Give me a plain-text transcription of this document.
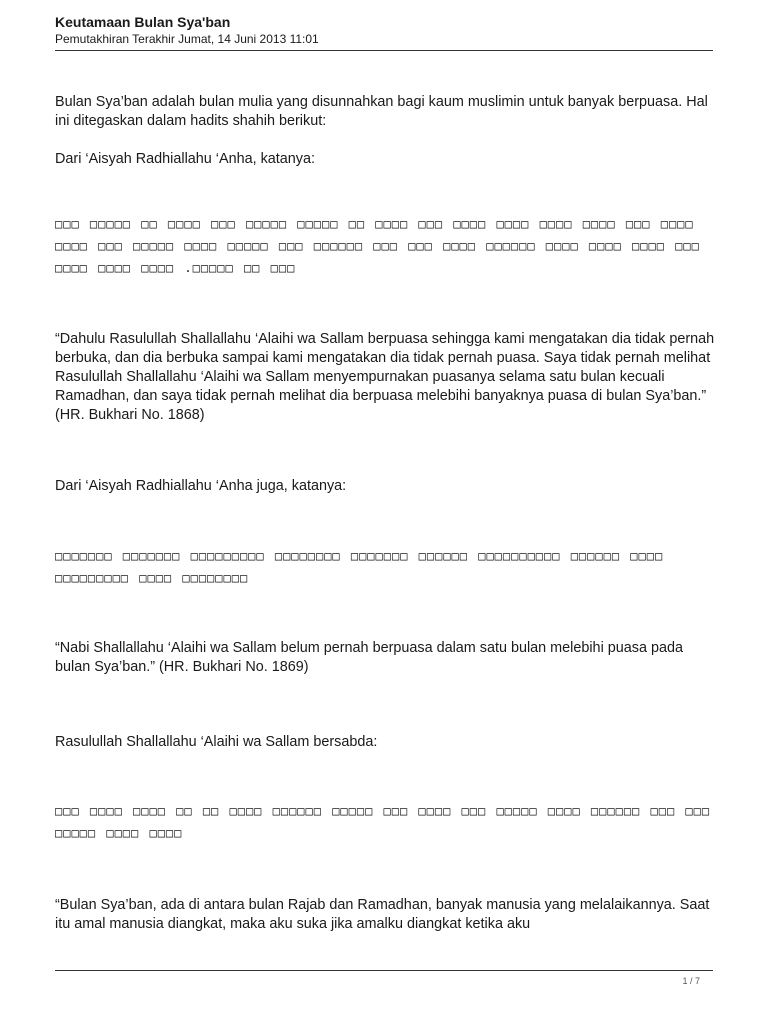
Keutamaan Bulan Sya'ban
Pemutakhiran Terakhir Jumat, 14 Juni 2013 11:01

Bulan Sya’ban adalah bulan mulia yang disunnahkan bagi kaum muslimin untuk banyak berpuasa. Hal ini ditegaskan dalam hadits shahih berikut:

Dari ‘Aisyah Radhiallahu ‘Anha, katanya:

□□□ □□□□□ □□ □□□□ □□□ □□□□□ □□□□□ □□ □□□□ □□□ □□□□ □□□□ □□□□ □□□□ □□□ □□□□ □□□□ □□□ □□□□□ □□□□ □□□□□ □□□ □□□□□□ □□□ □□□ □□□□ □□□□□□ □□□□ □□□□ □□□□ □□□ □□□□ □□□□ □□□□ .□□□□□ □□ □□□

“Dahulu Rasulullah Shallallahu ‘Alaihi wa Sallam berpuasa sehingga kami mengatakan dia tidak pernah berbuka, dan dia berbuka sampai kami mengatakan dia tidak pernah puasa. Saya tidak pernah melihat Rasulullah Shallallahu ‘Alaihi wa Sallam menyempurnakan puasanya selama satu bulan kecuali Ramadhan, dan saya tidak pernah melihat dia berpuasa melebihi banyaknya puasa di bulan Sya’ban.” (HR. Bukhari No. 1868)

Dari ‘Aisyah Radhiallahu ‘Anha juga, katanya:

□□□□□□□ □□□□□□□ □□□□□□□□□ □□□□□□□□ □□□□□□□ □□□□□□ □□□□□□□□□□ □□□□□□ □□□□ □□□□□□□□□ □□□□ □□□□□□□□

“Nabi Shallallahu ‘Alaihi wa Sallam belum pernah berpuasa dalam satu bulan melebihi puasa pada bulan Sya’ban.” (HR. Bukhari No. 1869)

Rasulullah Shallallahu ‘Alaihi wa Sallam bersabda:

□□□ □□□□ □□□□ □□ □□ □□□□ □□□□□□ □□□□□ □□□ □□□□ □□□ □□□□□ □□□□ □□□□□□ □□□ □□□ □□□□□ □□□□ □□□□

“Bulan Sya’ban, ada di antara bulan Rajab dan Ramadhan, banyak manusia yang melalaikannya. Saat itu amal manusia diangkat, maka aku suka jika amalku diangkat ketika aku

1 / 7
